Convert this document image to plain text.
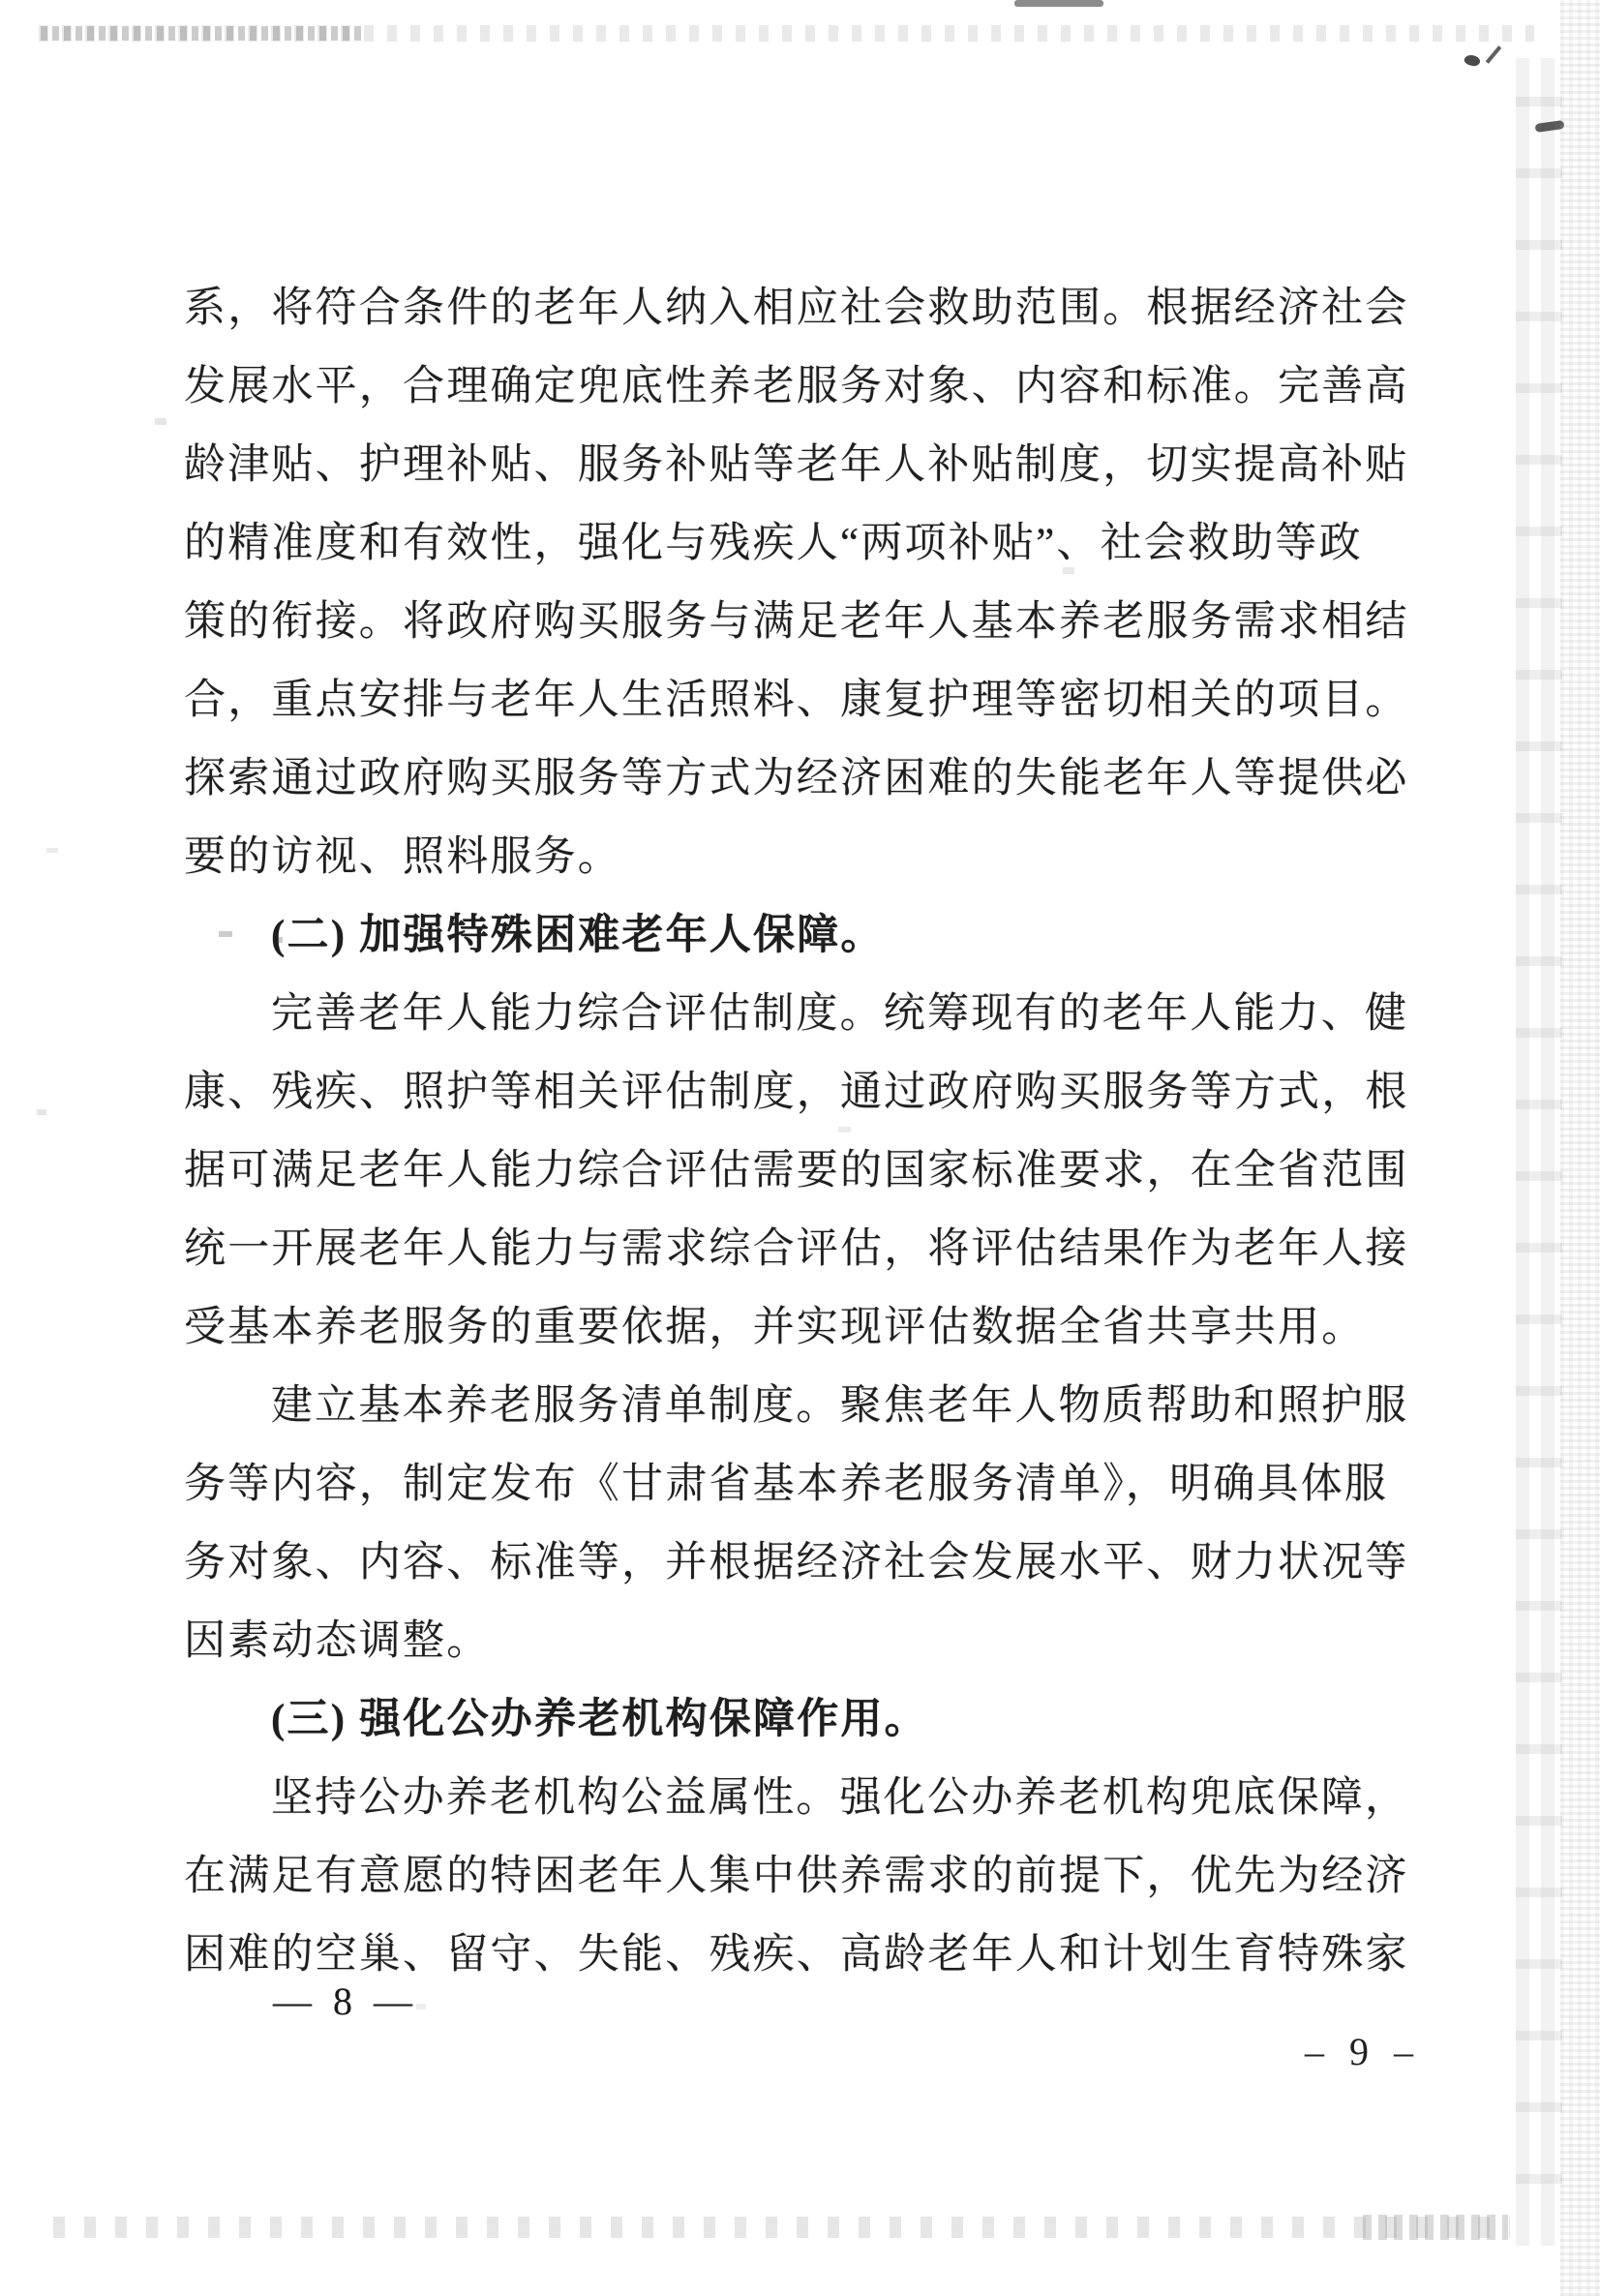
系，将符合条件的老年人纳入相应社会救助范围。根据经济社会
发展水平，合理确定兜底性养老服务对象、内容和标准。完善高
龄津贴、护理补贴、服务补贴等老年人补贴制度，切实提高补贴
的精准度和有效性，强化与残疾人“两项补贴”、社会救助等政
策的衔接。将政府购买服务与满足老年人基本养老服务需求相结
合，重点安排与老年人生活照料、康复护理等密切相关的项目。
探索通过政府购买服务等方式为经济困难的失能老年人等提供必
要的访视、照料服务。
(二) 加强特殊困难老年人保障。
完善老年人能力综合评估制度。统筹现有的老年人能力、健
康、残疾、照护等相关评估制度，通过政府购买服务等方式，根
据可满足老年人能力综合评估需要的国家标准要求，在全省范围
统一开展老年人能力与需求综合评估，将评估结果作为老年人接
受基本养老服务的重要依据，并实现评估数据全省共享共用。
建立基本养老服务清单制度。聚焦老年人物质帮助和照护服
务等内容，制定发布《甘肃省基本养老服务清单》，明确具体服
务对象、内容、标准等，并根据经济社会发展水平、财力状况等
因素动态调整。
(三) 强化公办养老机构保障作用。
坚持公办养老机构公益属性。强化公办养老机构兜底保障，
在满足有意愿的特困老年人集中供养需求的前提下，优先为经济
困难的空巢、留守、失能、残疾、高龄老年人和计划生育特殊家
— 8 —
– 9 –
